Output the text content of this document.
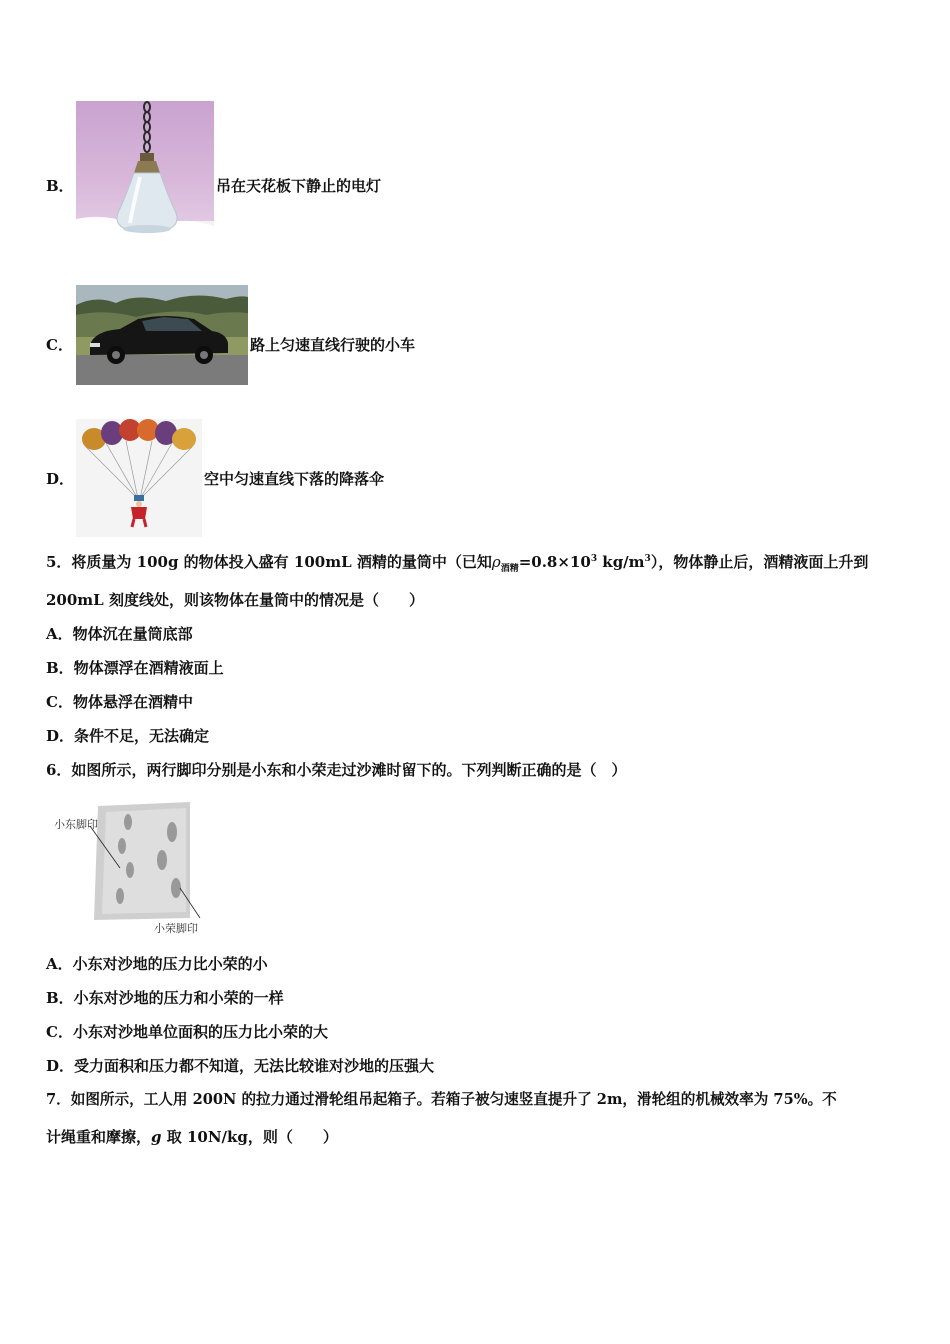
B．	吊在天花板下静止的电灯
C．	路上匀速直线行驶的小车
D．	空中匀速直线下落的降落伞
5．将质量为 100g 的物体投入盛有 100mL 酒精的量筒中（已知$\rho_{酒精}=0.8\times 10^3$ $kg/m^3$），物体静止后，酒精液面上升到
200mL 刻度线处，则该物体在量筒中的情况是（　　）
A．物体沉在量筒底部
B．物体漂浮在酒精液面上
C．物体悬浮在酒精中
D．条件不足，无法确定
6．如图所示，两行脚印分别是小东和小荣走过沙滩时留下的。下列判断正确的是（　）
小东脚印
小荣脚印
A．小东对沙地的压力比小荣的小
B．小东对沙地的压力和小荣的一样
C．小东对沙地单位面积的压力比小荣的大
D．受力面积和压力都不知道，无法比较谁对沙地的压强大
7．如图所示，工人用 200N 的拉力通过滑轮组吊起箱子。若箱子被匀速竖直提升了 2m，滑轮组的机械效率为 75%。不
计绳重和摩擦，g 取 10N/kg，则（　　）
